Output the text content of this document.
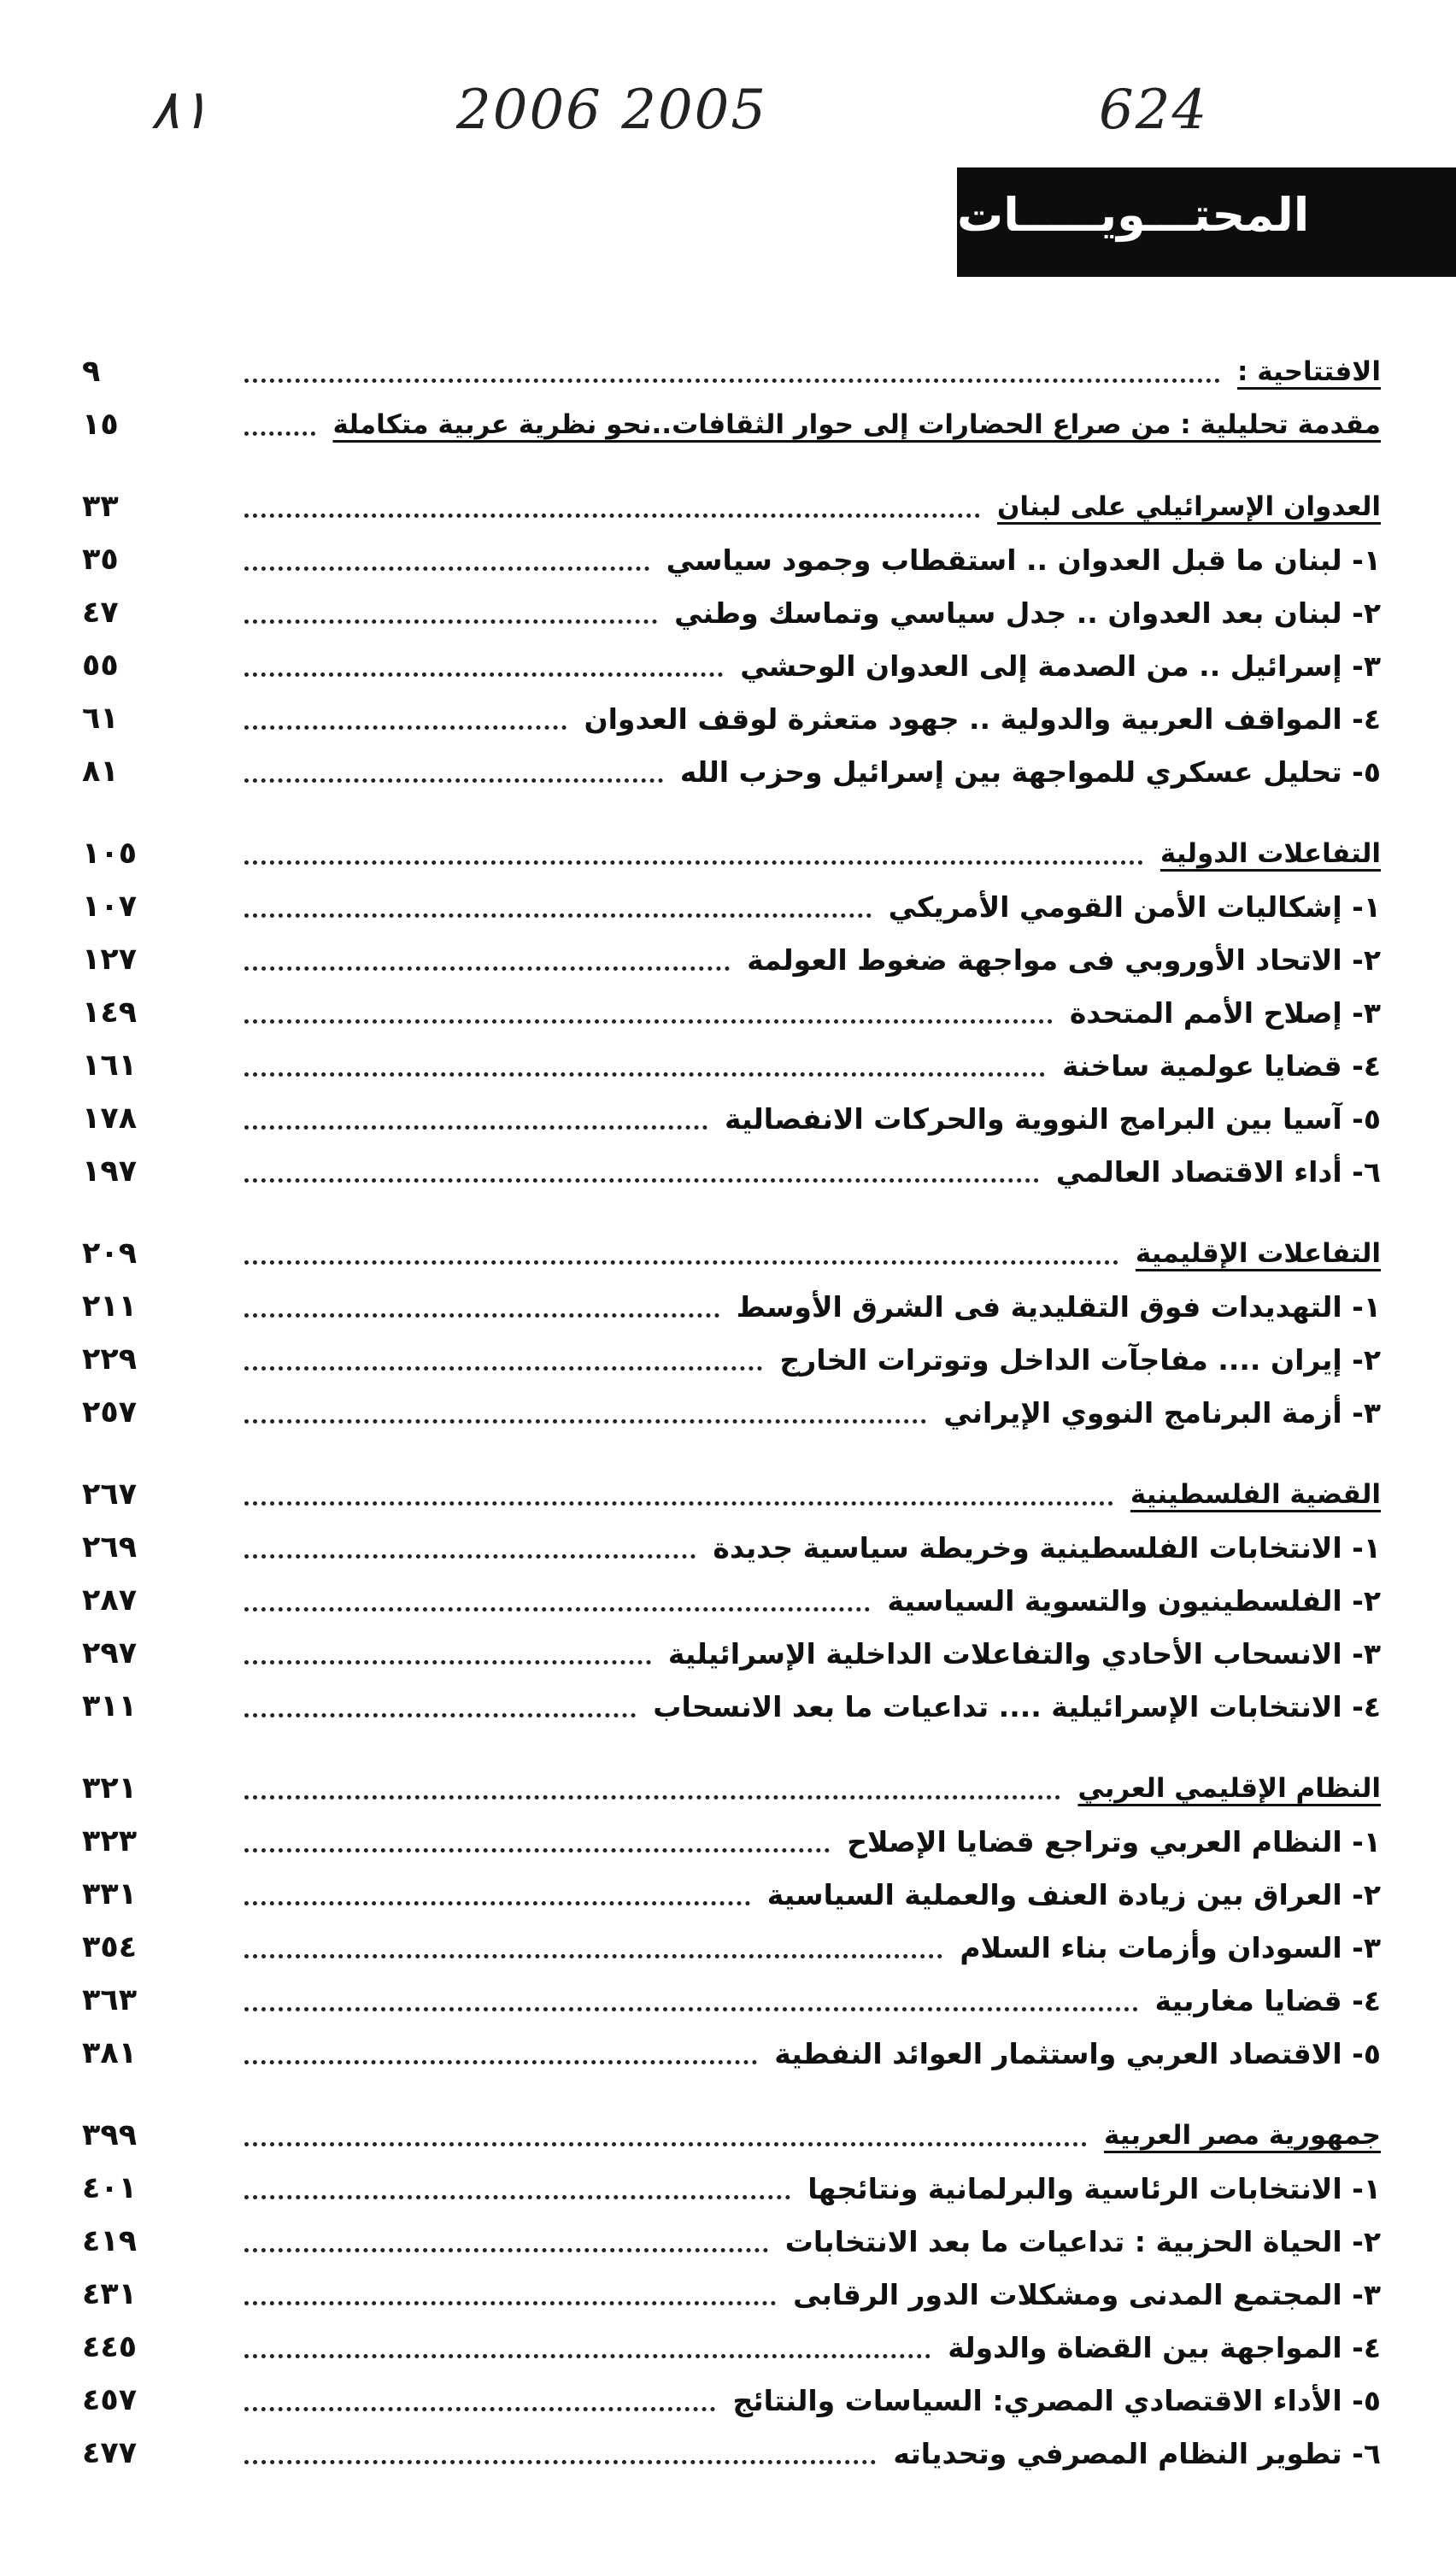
٨١	2006 2005	624
المحتـــويـــــات
الافتتاحية :
٩
مقدمة تحليلية : من صراع الحضارات إلى حوار الثقافات..نحو نظرية عربية متكاملة
١٥
العدوان الإسرائيلي على لبنان
٣٣
١- لبنان ما قبل العدوان .. استقطاب وجمود سياسي
٣٥
٢- لبنان بعد العدوان .. جدل سياسي وتماسك وطني
٤٧
٣- إسرائيل .. من الصدمة إلى العدوان الوحشي
٥٥
٤- المواقف العربية والدولية .. جهود متعثرة لوقف العدوان
٦١
٥- تحليل عسكري للمواجهة بين إسرائيل وحزب الله
٨١
التفاعلات الدولية
١٠٥
١- إشكاليات الأمن القومي الأمريكي
١٠٧
٢- الاتحاد الأوروبي فى مواجهة ضغوط العولمة
١٢٧
٣- إصلاح الأمم المتحدة
١٤٩
٤- قضايا عولمية ساخنة
١٦١
٥- آسيا بين البرامج النووية والحركات الانفصالية
١٧٨
٦- أداء الاقتصاد العالمي
١٩٧
التفاعلات الإقليمية
٢٠٩
١- التهديدات فوق التقليدية فى الشرق الأوسط
٢١١
٢- إيران .... مفاجآت الداخل وتوترات الخارج
٢٢٩
٣- أزمة البرنامج النووي الإيراني
٢٥٧
القضية الفلسطينية
٢٦٧
١- الانتخابات الفلسطينية وخريطة سياسية جديدة
٢٦٩
٢- الفلسطينيون والتسوية السياسية
٢٨٧
٣- الانسحاب الأحادي والتفاعلات الداخلية الإسرائيلية
٢٩٧
٤- الانتخابات الإسرائيلية .... تداعيات ما بعد الانسحاب
٣١١
النظام الإقليمي العربي
٣٢١
١- النظام العربي وتراجع قضايا الإصلاح
٣٢٣
٢- العراق بين زيادة العنف والعملية السياسية
٣٣١
٣- السودان وأزمات بناء السلام
٣٥٤
٤- قضايا مغاربية
٣٦٣
٥- الاقتصاد العربي واستثمار العوائد النفطية
٣٨١
جمهورية مصر العربية
٣٩٩
١- الانتخابات الرئاسية والبرلمانية ونتائجها
٤٠١
٢- الحياة الحزبية : تداعيات ما بعد الانتخابات
٤١٩
٣- المجتمع المدنى ومشكلات الدور الرقابى
٤٣١
٤- المواجهة بين القضاة والدولة
٤٤٥
٥- الأداء الاقتصادي المصري: السياسات والنتائج
٤٥٧
٦- تطوير النظام المصرفي وتحدياته
٤٧٧
